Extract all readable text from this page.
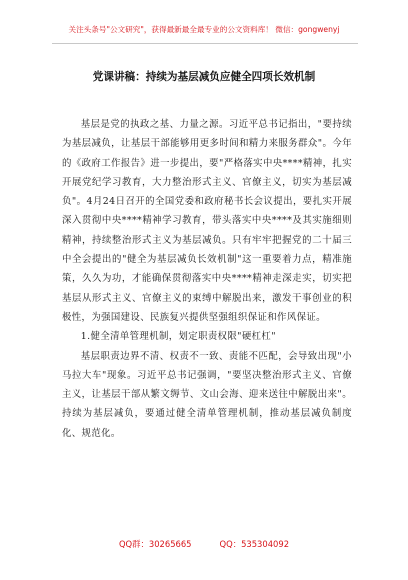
关注头条号"公文研究"，获得最新最全最专业的公文资料库！ 微信：gongwenyj
党课讲稿：持续为基层减负应健全四项长效机制

基层是党的执政之基、力量之源。习近平总书记指出，"要持续为基层减负，让基层干部能够用更多时间和精力来服务群众"。今年的《政府工作报告》进一步提出，要"严格落实中央****精神，扎实开展党纪学习教育，大力整治形式主义、官僚主义，切实为基层减负"。4月24日召开的全国党委和政府秘书长会议提出，要扎实开展深入贯彻中央****精神学习教育，带头落实中央****及其实施细则精神，持续整治形式主义为基层减负。只有牢牢把握党的二十届三中全会提出的"健全为基层减负长效机制"这一重要着力点，精准施策，久久为功，才能确保贯彻落实中央****精神走深走实，切实把基层从形式主义、官僚主义的束缚中解脱出来，激发干事创业的积极性，为强国建设、民族复兴提供坚强组织保证和作风保证。

1.健全清单管理机制，划定职责权限"硬杠杠"

基层职责边界不清、权责不一致、责能不匹配，会导致出现"小马拉大车"现象。习近平总书记强调，"要坚决整治形式主义、官僚主义，让基层干部从繁文缛节、文山会海、迎来送往中解脱出来"。持续为基层减负，要通过健全清单管理机制，推动基层减负制度化、规范化。

QQ群：30265665	QQ：535304092
